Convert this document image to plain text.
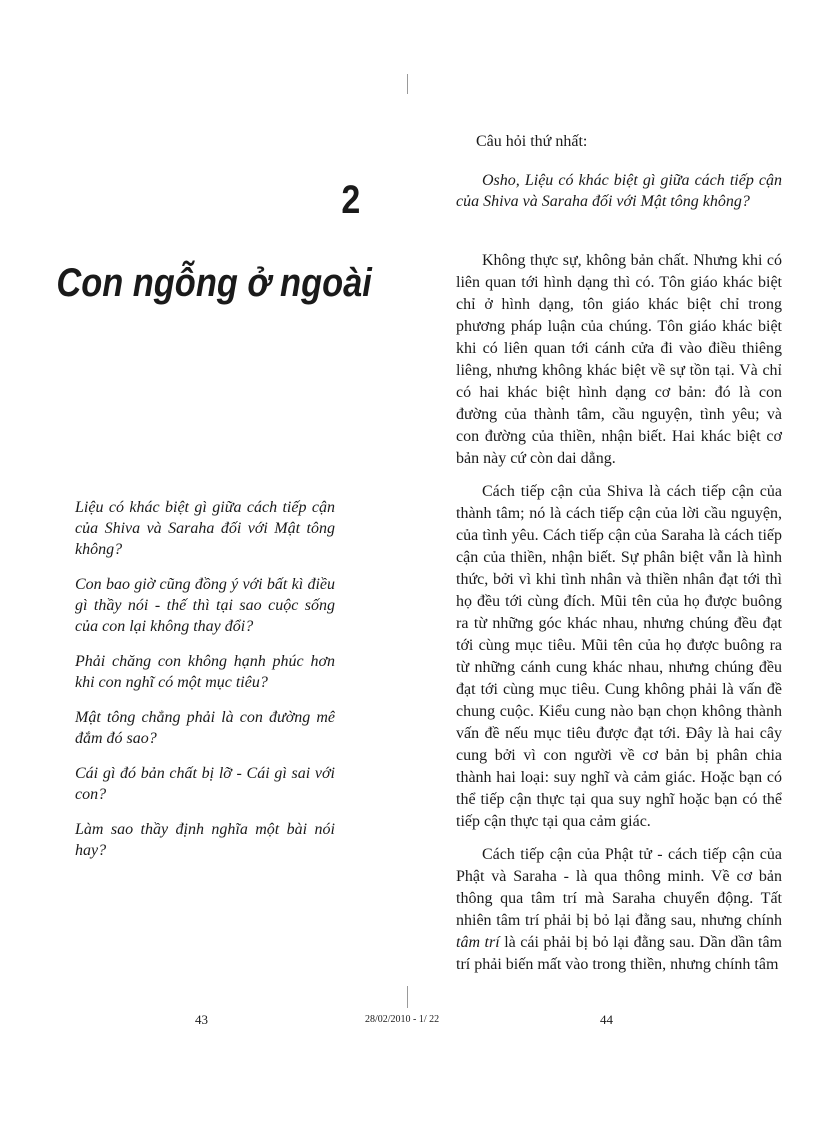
2
Con ngỗng ở ngoài
Liệu có khác biệt gì giữa cách tiếp cận của Shiva và Saraha đối với Mật tông không?
Con bao giờ cũng đồng ý với bất kì điều gì thầy nói - thế thì tại sao cuộc sống của con lại không thay đổi?
Phải chăng con không hạnh phúc hơn khi con nghĩ có một mục tiêu?
Mật tông chẳng phải là con đường mê đắm đó sao?
Cái gì đó bản chất bị lỡ - Cái gì sai với con?
Làm sao thầy định nghĩa một bài nói hay?

43

Câu hỏi thứ nhất:

Osho, Liệu có khác biệt gì giữa cách tiếp cận của Shiva và Saraha đối với Mật tông không?

Không thực sự, không bản chất. Nhưng khi có liên quan tới hình dạng thì có. Tôn giáo khác biệt chỉ ở hình dạng, tôn giáo khác biệt chỉ trong phương pháp luận của chúng. Tôn giáo khác biệt khi có liên quan tới cánh cửa đi vào điều thiêng liêng, nhưng không khác biệt về sự tồn tại. Và chỉ có hai khác biệt hình dạng cơ bản: đó là con đường của thành tâm, cầu nguyện, tình yêu; và con đường của thiền, nhận biết. Hai khác biệt cơ bản này cứ còn dai dẳng.

Cách tiếp cận của Shiva là cách tiếp cận của thành tâm; nó là cách tiếp cận của lời cầu nguyện, của tình yêu. Cách tiếp cận của Saraha là cách tiếp cận của thiền, nhận biết. Sự phân biệt vẫn là hình thức, bởi vì khi tình nhân và thiền nhân đạt tới thì họ đều tới cùng đích. Mũi tên của họ được buông ra từ những góc khác nhau, nhưng chúng đều đạt tới cùng mục tiêu. Mũi tên của họ được buông ra từ những cánh cung khác nhau, nhưng chúng đều đạt tới cùng mục tiêu. Cung không phải là vấn đề chung cuộc. Kiểu cung nào bạn chọn không thành vấn đề nếu mục tiêu được đạt tới. Đây là hai cây cung bởi vì con người về cơ bản bị phân chia thành hai loại: suy nghĩ và cảm giác. Hoặc bạn có thể tiếp cận thực tại qua suy nghĩ hoặc bạn có thể tiếp cận thực tại qua cảm giác.

Cách tiếp cận của Phật tử - cách tiếp cận của Phật và Saraha - là qua thông minh. Về cơ bản thông qua tâm trí mà Saraha chuyển động. Tất nhiên tâm trí phải bị bỏ lại đằng sau, nhưng chính tâm trí là cái phải bị bỏ lại đằng sau. Dần dần tâm trí phải biến mất vào trong thiền, nhưng chính tâm

28/02/2010 - 1/ 22	44
